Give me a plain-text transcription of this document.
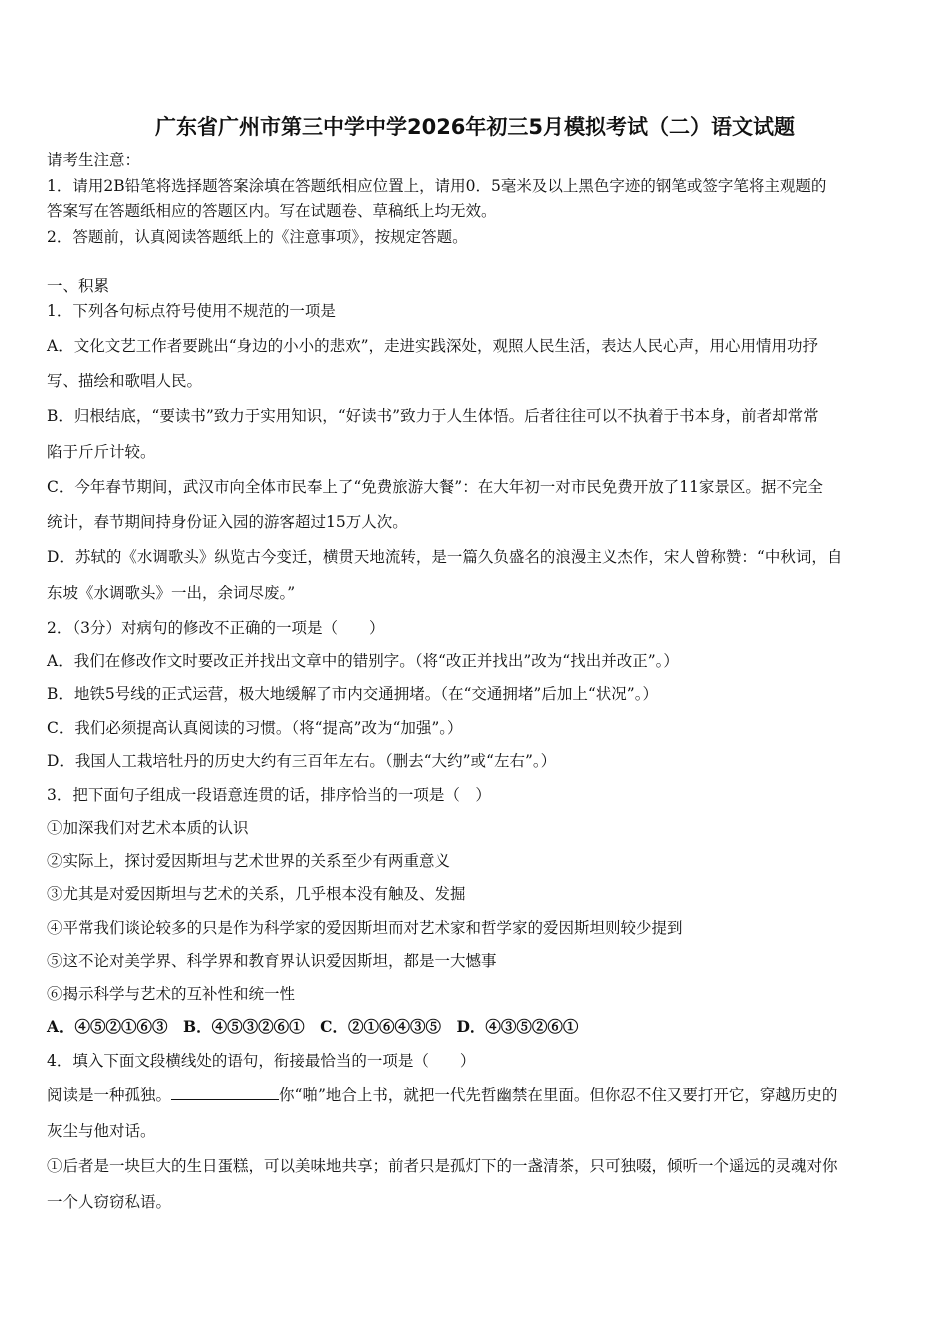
广东省广州市第三中学中学2026年初三5月模拟考试（二）语文试题
请考生注意：
1．请用2B铅笔将选择题答案涂填在答题纸相应位置上，请用0．5毫米及以上黑色字迹的钢笔或签字笔将主观题的
答案写在答题纸相应的答题区内。写在试题卷、草稿纸上均无效。
2．答题前，认真阅读答题纸上的《注意事项》，按规定答题。
一、积累
1．下列各句标点符号使用不规范的一项是
A．文化文艺工作者要跳出“身边的小小的悲欢”，走进实践深处，观照人民生活，表达人民心声，用心用情用功抒
写、描绘和歌唱人民。
B．归根结底，“要读书”致力于实用知识，“好读书”致力于人生体悟。后者往往可以不执着于书本身，前者却常常
陷于斤斤计较。
C．今年春节期间，武汉市向全体市民奉上了“免费旅游大餐”：在大年初一对市民免费开放了11家景区。据不完全
统计，春节期间持身份证入园的游客超过15万人次。
D．苏轼的《水调歌头》纵览古今变迁，横贯天地流转，是一篇久负盛名的浪漫主义杰作，宋人曾称赞：“中秋词，自
东坡《水调歌头》一出，余词尽废。”
2．（3分）对病句的修改不正确的一项是（　　）
A．我们在修改作文时要改正并找出文章中的错别字。（将“改正并找出”改为“找出并改正”。）
B．地铁5号线的正式运营，极大地缓解了市内交通拥堵。（在“交通拥堵”后加上“状况”。）
C．我们必须提高认真阅读的习惯。（将“提高”改为“加强”。）
D．我国人工栽培牡丹的历史大约有三百年左右。（删去“大约”或“左右”。）
3．把下面句子组成一段语意连贯的话，排序恰当的一项是（　）
①加深我们对艺术本质的认识
②实际上，探讨爱因斯坦与艺术世界的关系至少有两重意义
③尤其是对爱因斯坦与艺术的关系，几乎根本没有触及、发掘
④平常我们谈论较多的只是作为科学家的爱因斯坦而对艺术家和哲学家的爱因斯坦则较少提到
⑤这不论对美学界、科学界和教育界认识爱因斯坦，都是一大憾事
⑥揭示科学与艺术的互补性和统一性
A．④⑤②①⑥③　B．④⑤③②⑥①　C．②①⑥④③⑤　D．④③⑤②⑥①
4．填入下面文段横线处的语句，衔接最恰当的一项是（　　）
阅读是一种孤独。	你“啪”地合上书，就把一代先哲幽禁在里面。但你忍不住又要打开它，穿越历史的
灰尘与他对话。
①后者是一块巨大的生日蛋糕，可以美味地共享；前者只是孤灯下的一盏清茶，只可独啜，倾听一个遥远的灵魂对你
一个人窃窃私语。
